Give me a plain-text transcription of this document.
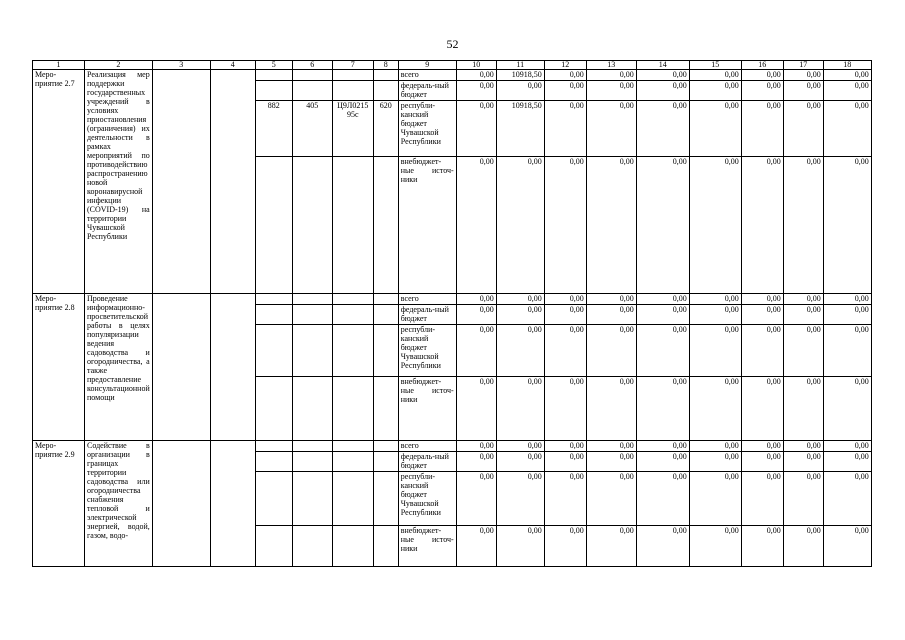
52
1	2	3	4	5	6	7	8	9	10	11	12	13	14	15	16	17	18
Меро-приятие 2.7	Реализация мер поддержки государственных учреждений в условиях приостановления (ограничения) их деятельности в рамках мероприятий по противодействию распространению новой коронавирусной инфекции (COVID-19) на территории Чувашской Республики							всего	0,00	10918,50	0,00	0,00	0,00	0,00	0,00	0,00	0,00
								федераль-ный бюджет	0,00	0,00	0,00	0,00	0,00	0,00	0,00	0,00	0,00
				882	405	Ц9Л0215 95с	620	республи-канский бюджет Чувашской Республики	0,00	10918,50	0,00	0,00	0,00	0,00	0,00	0,00	0,00
								внебюджет-ные источ-ники	0,00	0,00	0,00	0,00	0,00	0,00	0,00	0,00	0,00
Меро-приятие 2.8	Проведение информационно-просветительской работы в целях популяризации ведения садоводства и огородничества, а также предоставление консультационной помощи							всего	0,00	0,00	0,00	0,00	0,00	0,00	0,00	0,00	0,00
								федераль-ный бюджет	0,00	0,00	0,00	0,00	0,00	0,00	0,00	0,00	0,00
								республи-канский бюджет Чувашской Республики	0,00	0,00	0,00	0,00	0,00	0,00	0,00	0,00	0,00
								внебюджет-ные источ-ники	0,00	0,00	0,00	0,00	0,00	0,00	0,00	0,00	0,00
Меро-приятие 2.9	Содействие в организации в границах территории садоводства или огородничества снабжения тепловой и электрической энергией, водой, газом, водо-							всего	0,00	0,00	0,00	0,00	0,00	0,00	0,00	0,00	0,00
								федераль-ный бюджет	0,00	0,00	0,00	0,00	0,00	0,00	0,00	0,00	0,00
								республи-канский бюджет Чувашской Республики	0,00	0,00	0,00	0,00	0,00	0,00	0,00	0,00	0,00
								внебюджет-ные источ-ники	0,00	0,00	0,00	0,00	0,00	0,00	0,00	0,00	0,00
